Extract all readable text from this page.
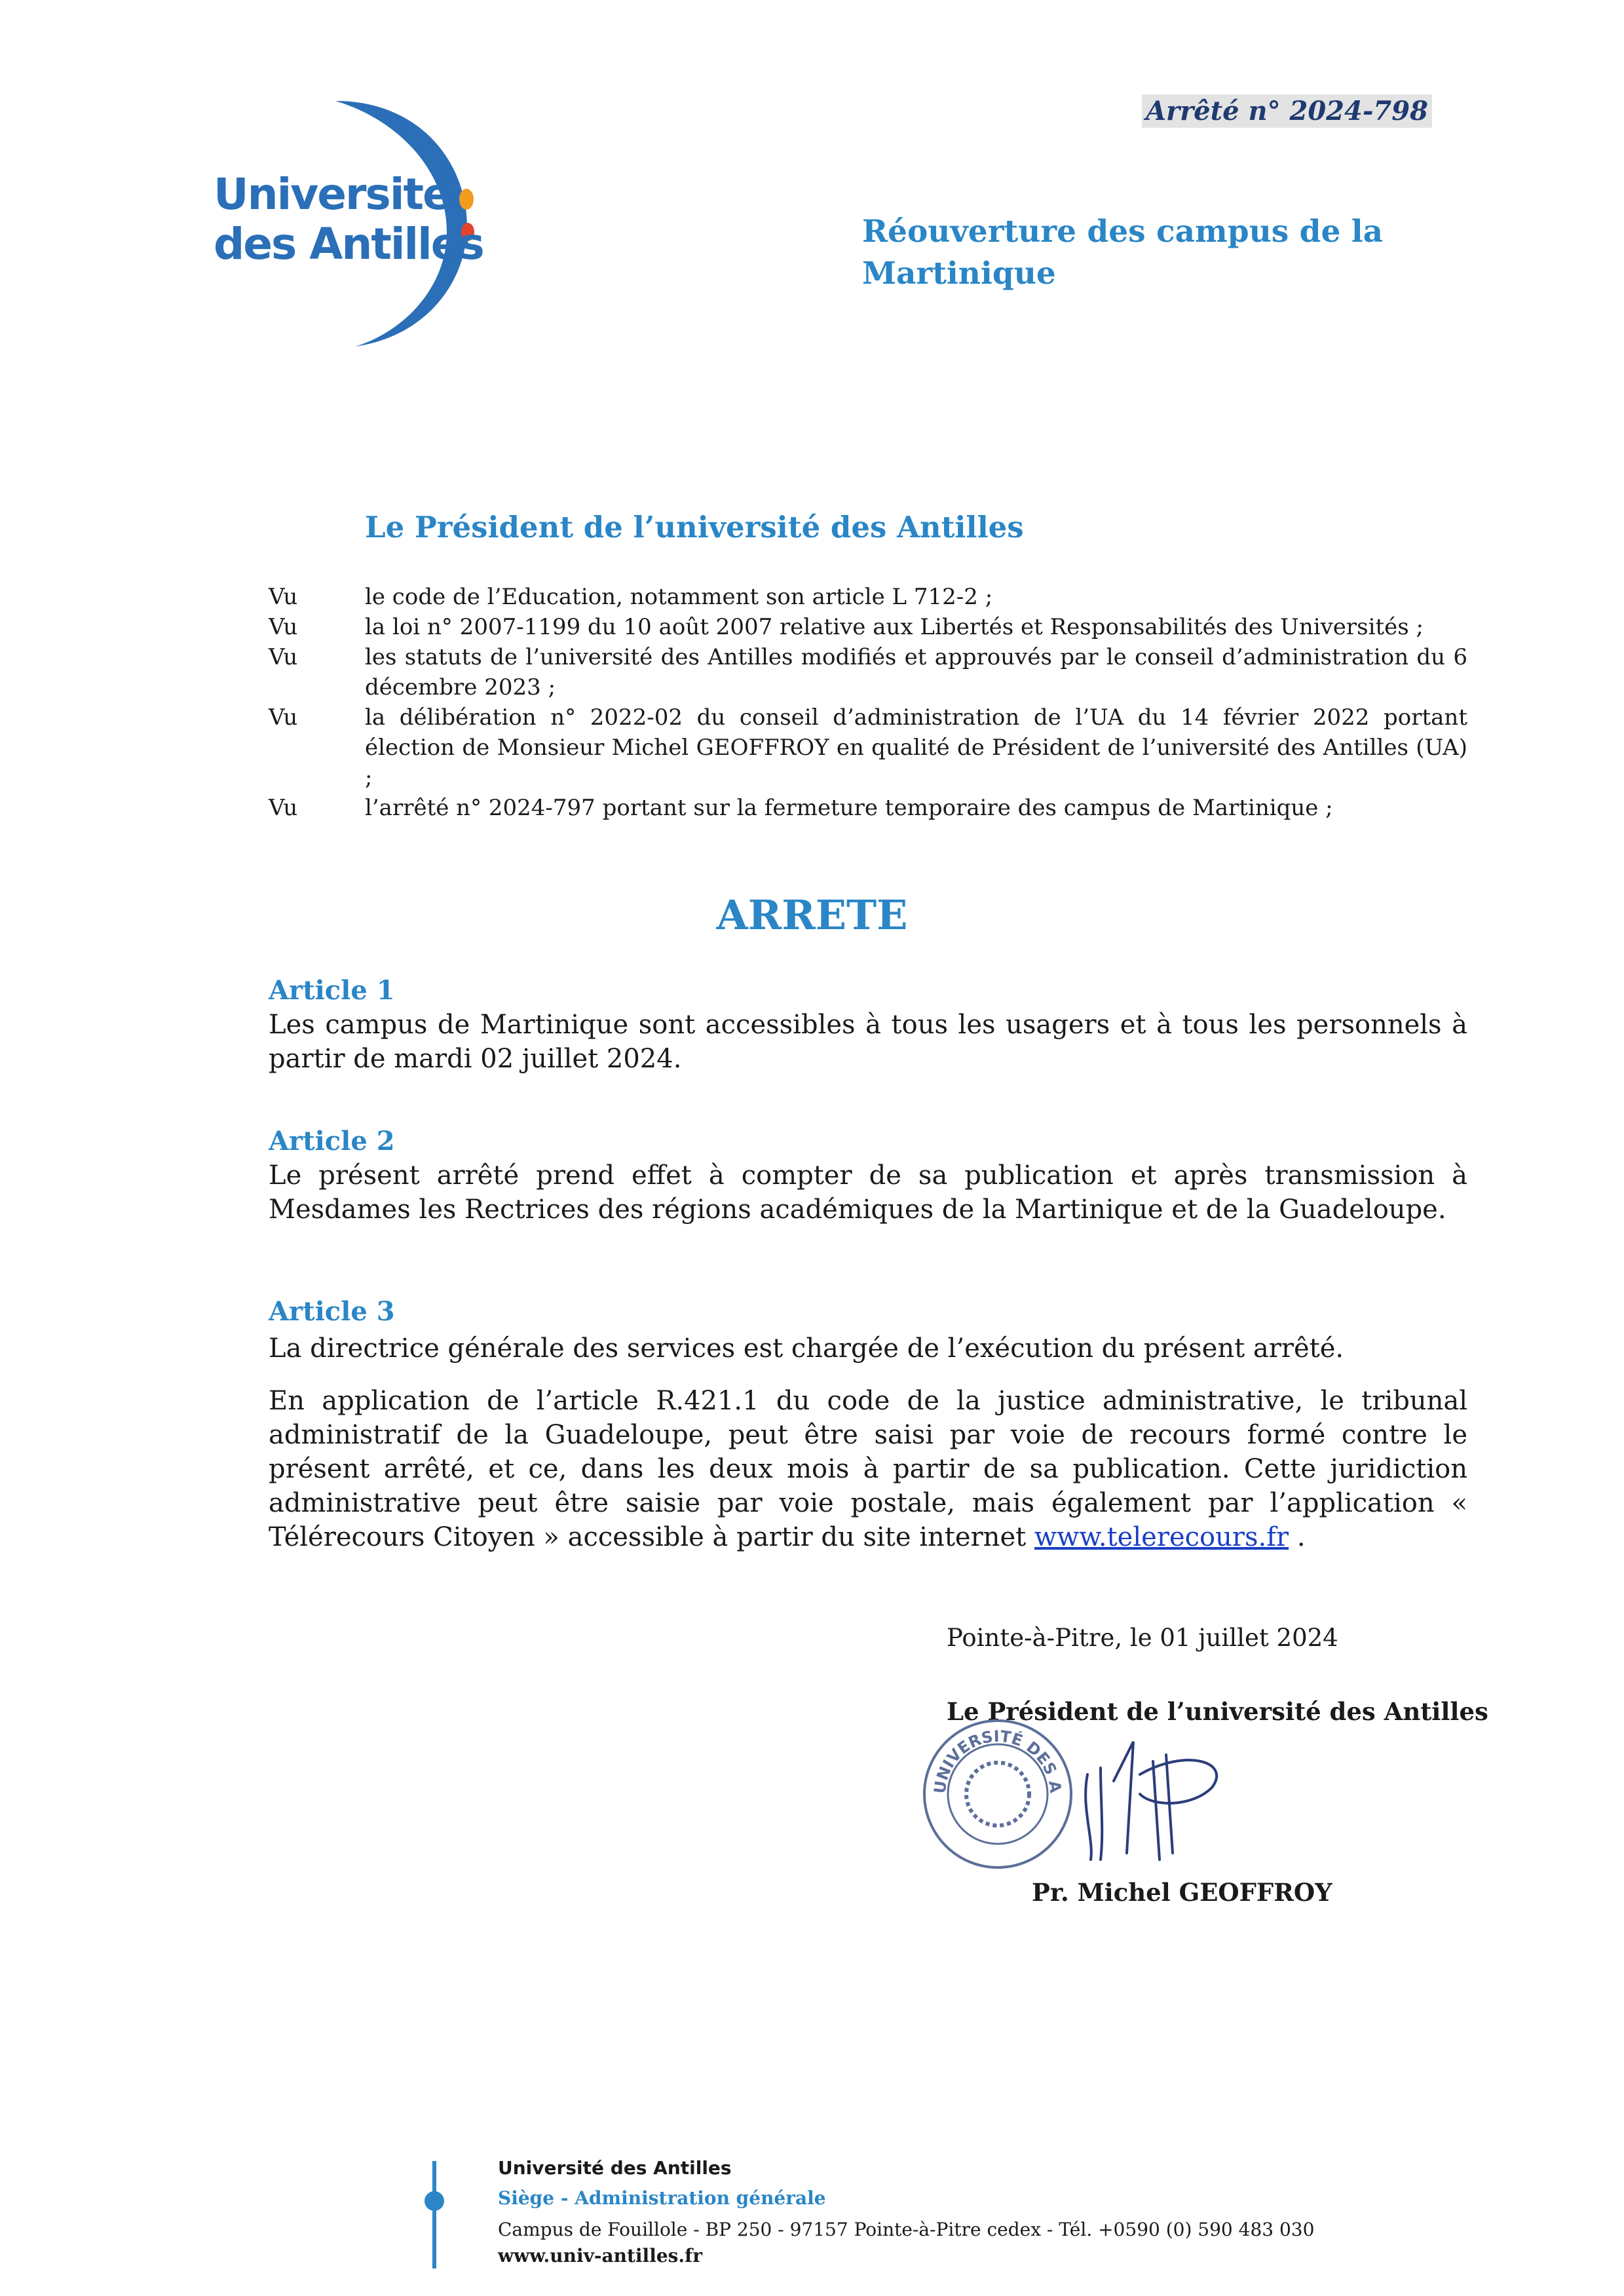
Université
des Antilles
Arrêté n° 2024-798
Réouverture des campus de la Martinique
Le Président de l’université des Antilles
Vu	le code de l’Education, notamment son article L 712-2 ;
Vu	la loi n° 2007-1199 du 10 août 2007 relative aux Libertés et Responsabilités des Universités ;
Vu	les statuts de l’université des Antilles modifiés et approuvés par le conseil d’administration du 6 décembre 2023 ;
Vu	la délibération n° 2022-02 du conseil d’administration de l’UA du 14 février 2022 portant élection de Monsieur Michel GEOFFROY en qualité de Président de l’université des Antilles (UA) ;
Vu	l’arrêté n° 2024-797 portant sur la fermeture temporaire des campus de Martinique ;
ARRETE
Article 1
Les campus de Martinique sont accessibles à tous les usagers et à tous les personnels à partir de mardi 02 juillet 2024.
Article 2
Le présent arrêté prend effet à compter de sa publication et après transmission à Mesdames les Rectrices des régions académiques de la Martinique et de la Guadeloupe.
Article 3
La directrice générale des services est chargée de l’exécution du présent arrêté.
En application de l’article R.421.1 du code de la justice administrative, le tribunal administratif de la Guadeloupe, peut être saisi par voie de recours formé contre le présent arrêté, et ce, dans les deux mois à partir de sa publication. Cette juridiction administrative peut être saisie par voie postale, mais également par l’application « Télérecours Citoyen » accessible à partir du site internet www.telerecours.fr .
Pointe-à-Pitre, le 01 juillet 2024
Le Président de l’université des Antilles
UNIVERSITÉ DES A
Pr. Michel GEOFFROY
Université des Antilles
Siège - Administration générale
Campus de Fouillole - BP 250 - 97157 Pointe-à-Pitre cedex - Tél. +0590 (0) 590 483 030
www.univ-antilles.fr
